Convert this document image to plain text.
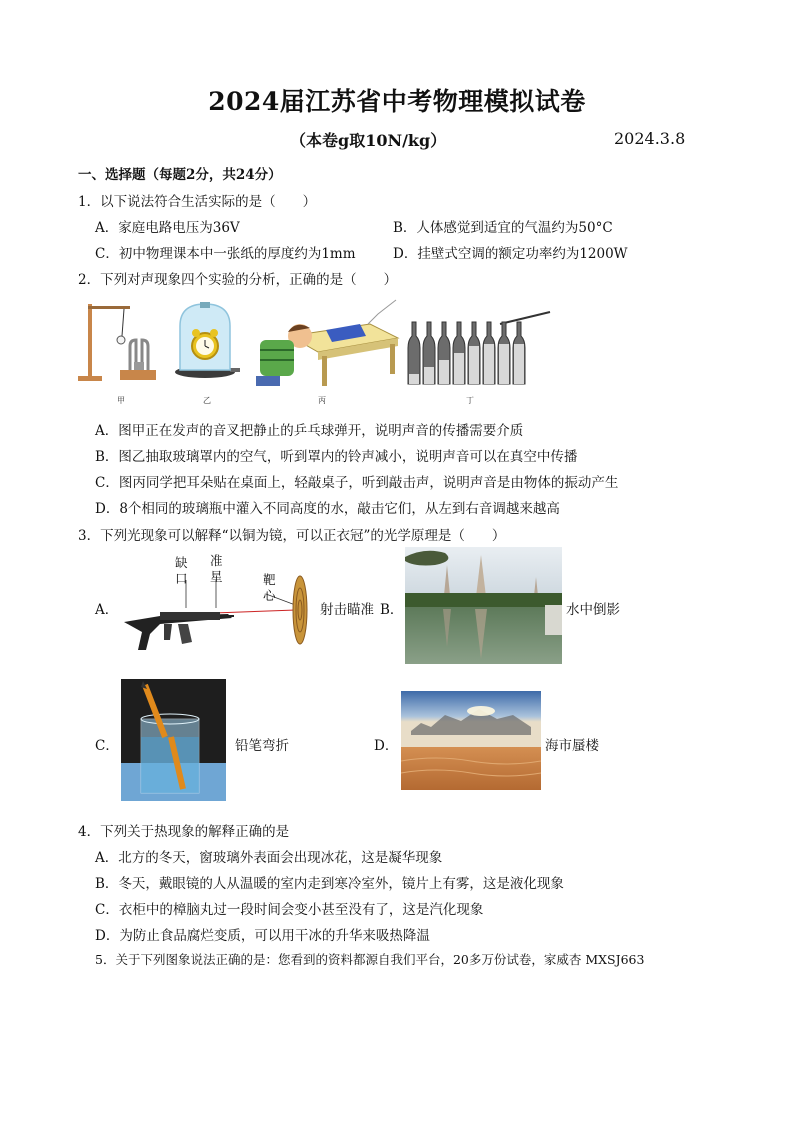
2024届江苏省中考物理模拟试卷
（本卷g取10N/kg）	2024.3.8
一、选择题（每题2分，共24分）
1．以下说法符合生活实际的是（　　）
A．家庭电路电压为36V	B．人体感觉到适宜的气温约为50°C
C．初中物理课本中一张纸的厚度约为1mm	D．挂壁式空调的额定功率约为1200W
2．下列对声现象四个实验的分析，正确的是（　　）
甲	乙	丙	丁
A．图甲正在发声的音叉把静止的乒乓球弹开，说明声音的传播需要介质
B．图乙抽取玻璃罩内的空气，听到罩内的铃声减小，说明声音可以在真空中传播
C．图丙同学把耳朵贴在桌面上，轻敲桌子，听到敲击声，说明声音是由物体的振动产生
D．8个相同的玻璃瓶中灌入不同高度的水，敲击它们，从左到右音调越来越高
3．下列光现象可以解释“以铜为镜，可以正衣冠”的光学原理是（　　）
A．
缺口
准星	靶心
射击瞄准 B．	水中倒影
C．	铅笔弯折	D．	海市蜃楼
4．下列关于热现象的解释正确的是
A．北方的冬天，窗玻璃外表面会出现冰花，这是凝华现象
B．冬天，戴眼镜的人从温暖的室内走到寒冷室外，镜片上有雾，这是液化现象
C．衣柜中的樟脑丸过一段时间会变小甚至没有了，这是汽化现象
D．为防止食品腐烂变质，可以用干冰的升华来吸热降温
5．关于下列图象说法正确的是：您看到的资料都源自我们平台，20多万份试卷，家威杏 MXSJ663
